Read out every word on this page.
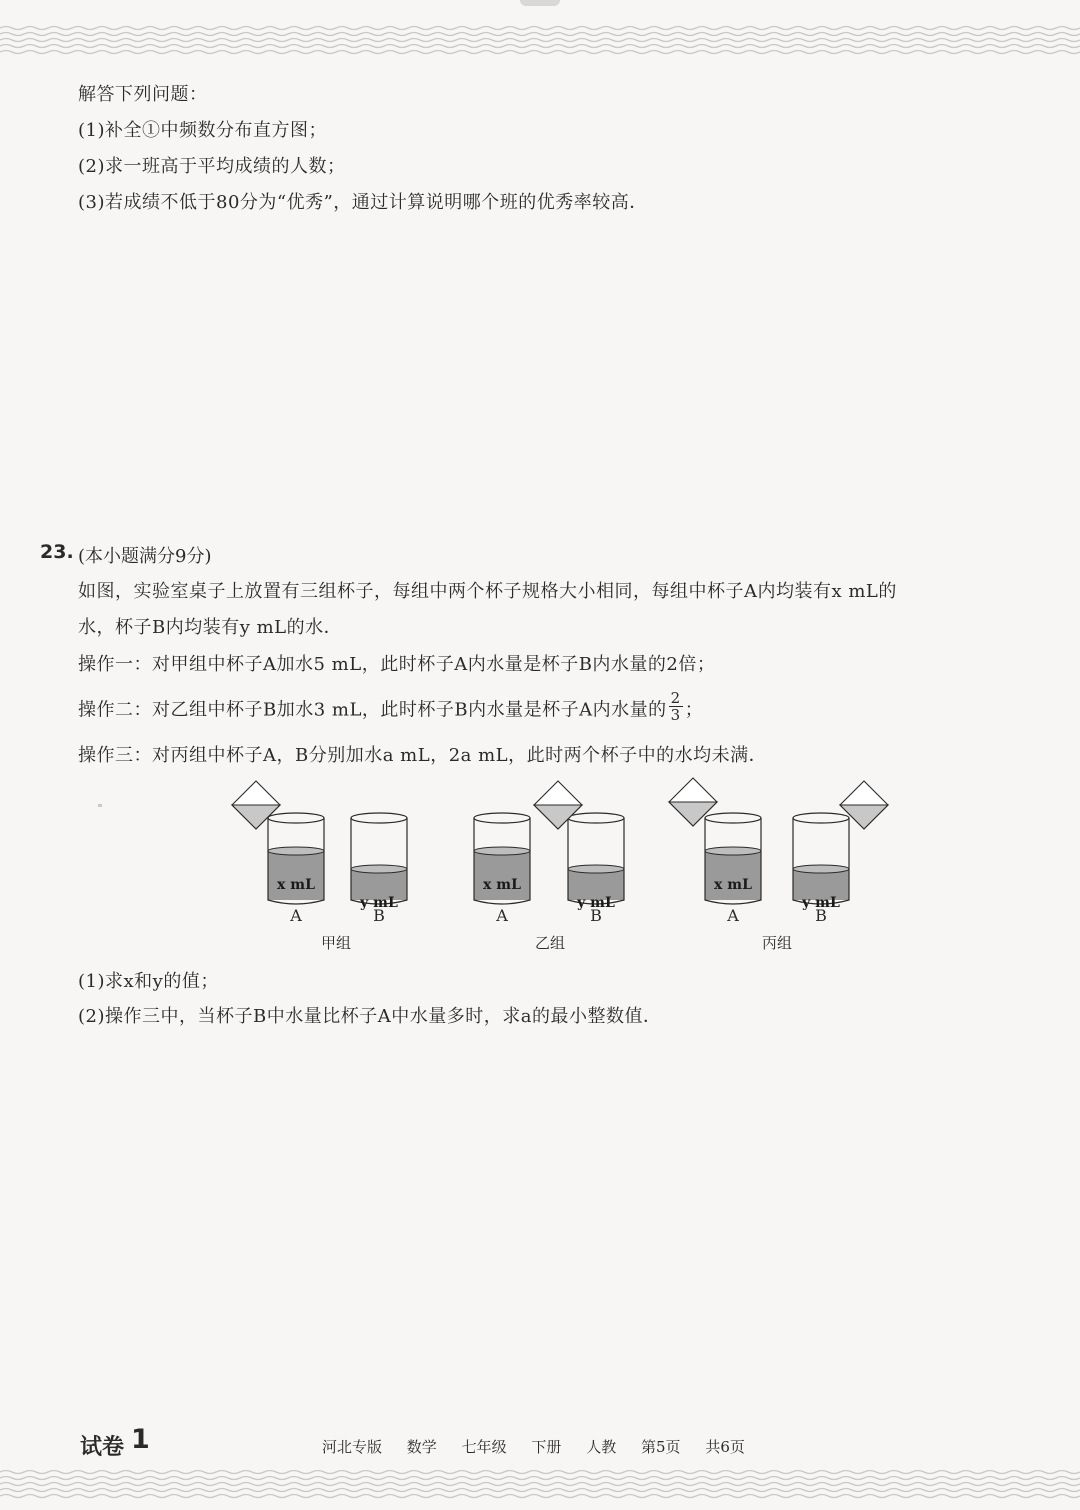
解答下列问题：
(1)补全①中频数分布直方图；
(2)求一班高于平均成绩的人数；
(3)若成绩不低于80分为“优秀”，通过计算说明哪个班的优秀率较高．
23. (本小题满分9分)
如图，实验室桌子上放置有三组杯子，每组中两个杯子规格大小相同，每组中杯子A内均装有x mL的
水，杯子B内均装有y mL的水．
操作一：对甲组中杯子A加水5 mL，此时杯子A内水量是杯子B内水量的2倍；
操作二：对乙组中杯子B加水3 mL，此时杯子B内水量是杯子A内水量的 $\frac{2}{3}$ ；
操作三：对丙组中杯子A，B分别加水a mL，2a mL，此时两个杯子中的水均未满．
x mL
y mL
A	B
甲组
x mL
y mL
A	B
乙组
x mL
y mL
A	B
丙组
(1)求x和y的值；
(2)操作三中，当杯子B中水量比杯子A中水量多时，求a的最小整数值．
试卷 1	河北专版 数学 七年级 下册 人教 第5页 共6页
